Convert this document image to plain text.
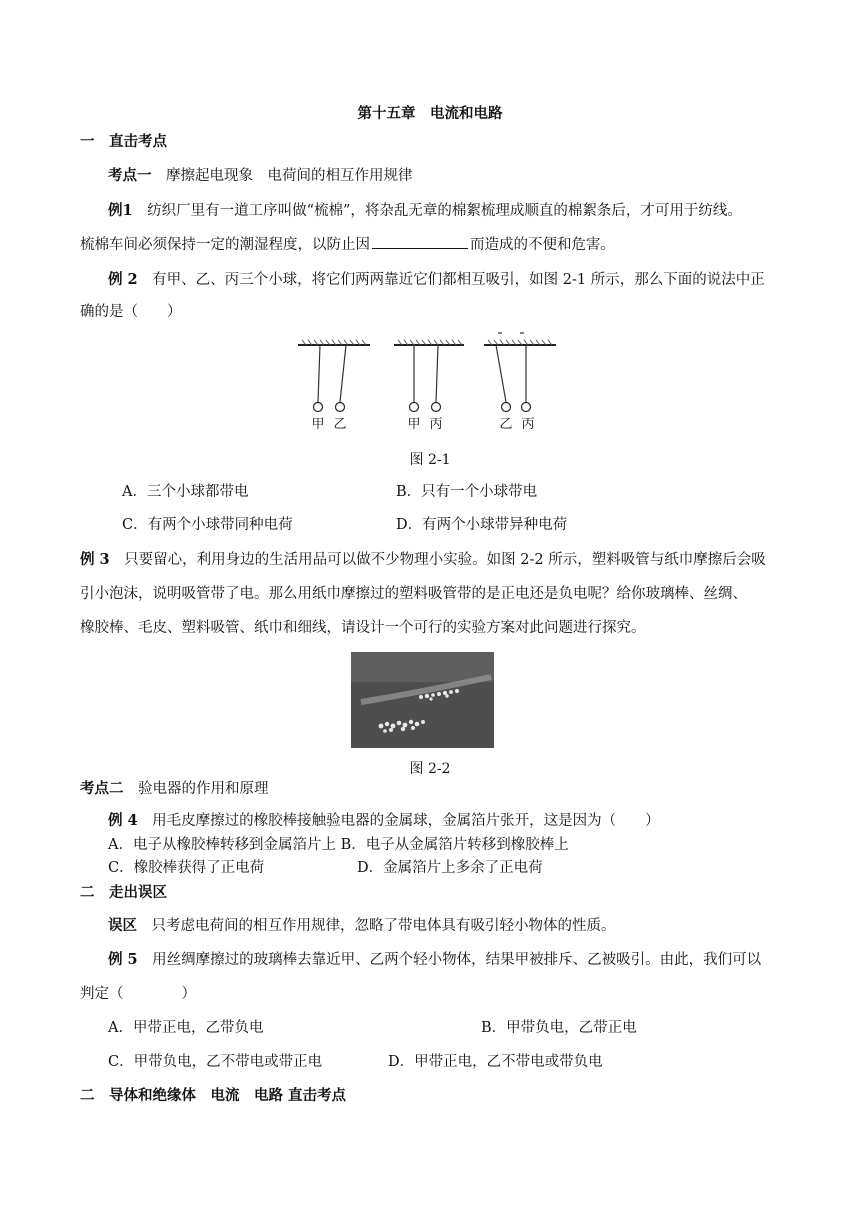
第十五章　电流和电路
一　直击考点
考点一　 摩擦起电现象　电荷间的相互作用规律
例1　 纺织厂里有一道工序叫做“梳棉”，将杂乱无章的棉絮梳理成顺直的棉絮条后，才可用于纺线。
梳棉车间必须保持一定的潮湿程度，以防止因	而造成的不便和危害。
例 2　 有甲、乙、丙三个小球，将它们两两靠近它们都相互吸引，如图 2-1 所示，那么下面的说法中正
确的是（　　）
甲 乙	甲 丙	乙 丙
图 2-1
A．三个小球都带电	B．只有一个小球带电
C．有两个小球带同种电荷	D．有两个小球带异种电荷
例 3　 只要留心，利用身边的生活用品可以做不少物理小实验。如图 2-2 所示，塑料吸管与纸巾摩擦后会吸
引小泡沫，说明吸管带了电。那么用纸巾摩擦过的塑料吸管带的是正电还是负电呢？给你玻璃棒、丝绸、
橡胶棒、毛皮、塑料吸管、纸巾和细线，请设计一个可行的实验方案对此问题进行探究。
图 2-2
考点二　 验电器的作用和原理
例 4　 用毛皮摩擦过的橡胶棒接触验电器的金属球，金属箔片张开，这是因为（　　）
A．电子从橡胶棒转移到金属箔片上 B．电子从金属箔片转移到橡胶棒上
C．橡胶棒获得了正电荷	D．金属箔片上多余了正电荷
二　走出误区
误区　 只考虑电荷间的相互作用规律，忽略了带电体具有吸引轻小物体的性质。
例 5　 用丝绸摩擦过的玻璃棒去靠近甲、乙两个轻小物体，结果甲被排斥、乙被吸引。由此，我们可以
判定（　　　　）
A．甲带正电，乙带负电	B．甲带负电，乙带正电
C．甲带负电，乙不带电或带正电	D．甲带正电，乙不带电或带负电
二　导体和绝缘体　电流　电路 直击考点
